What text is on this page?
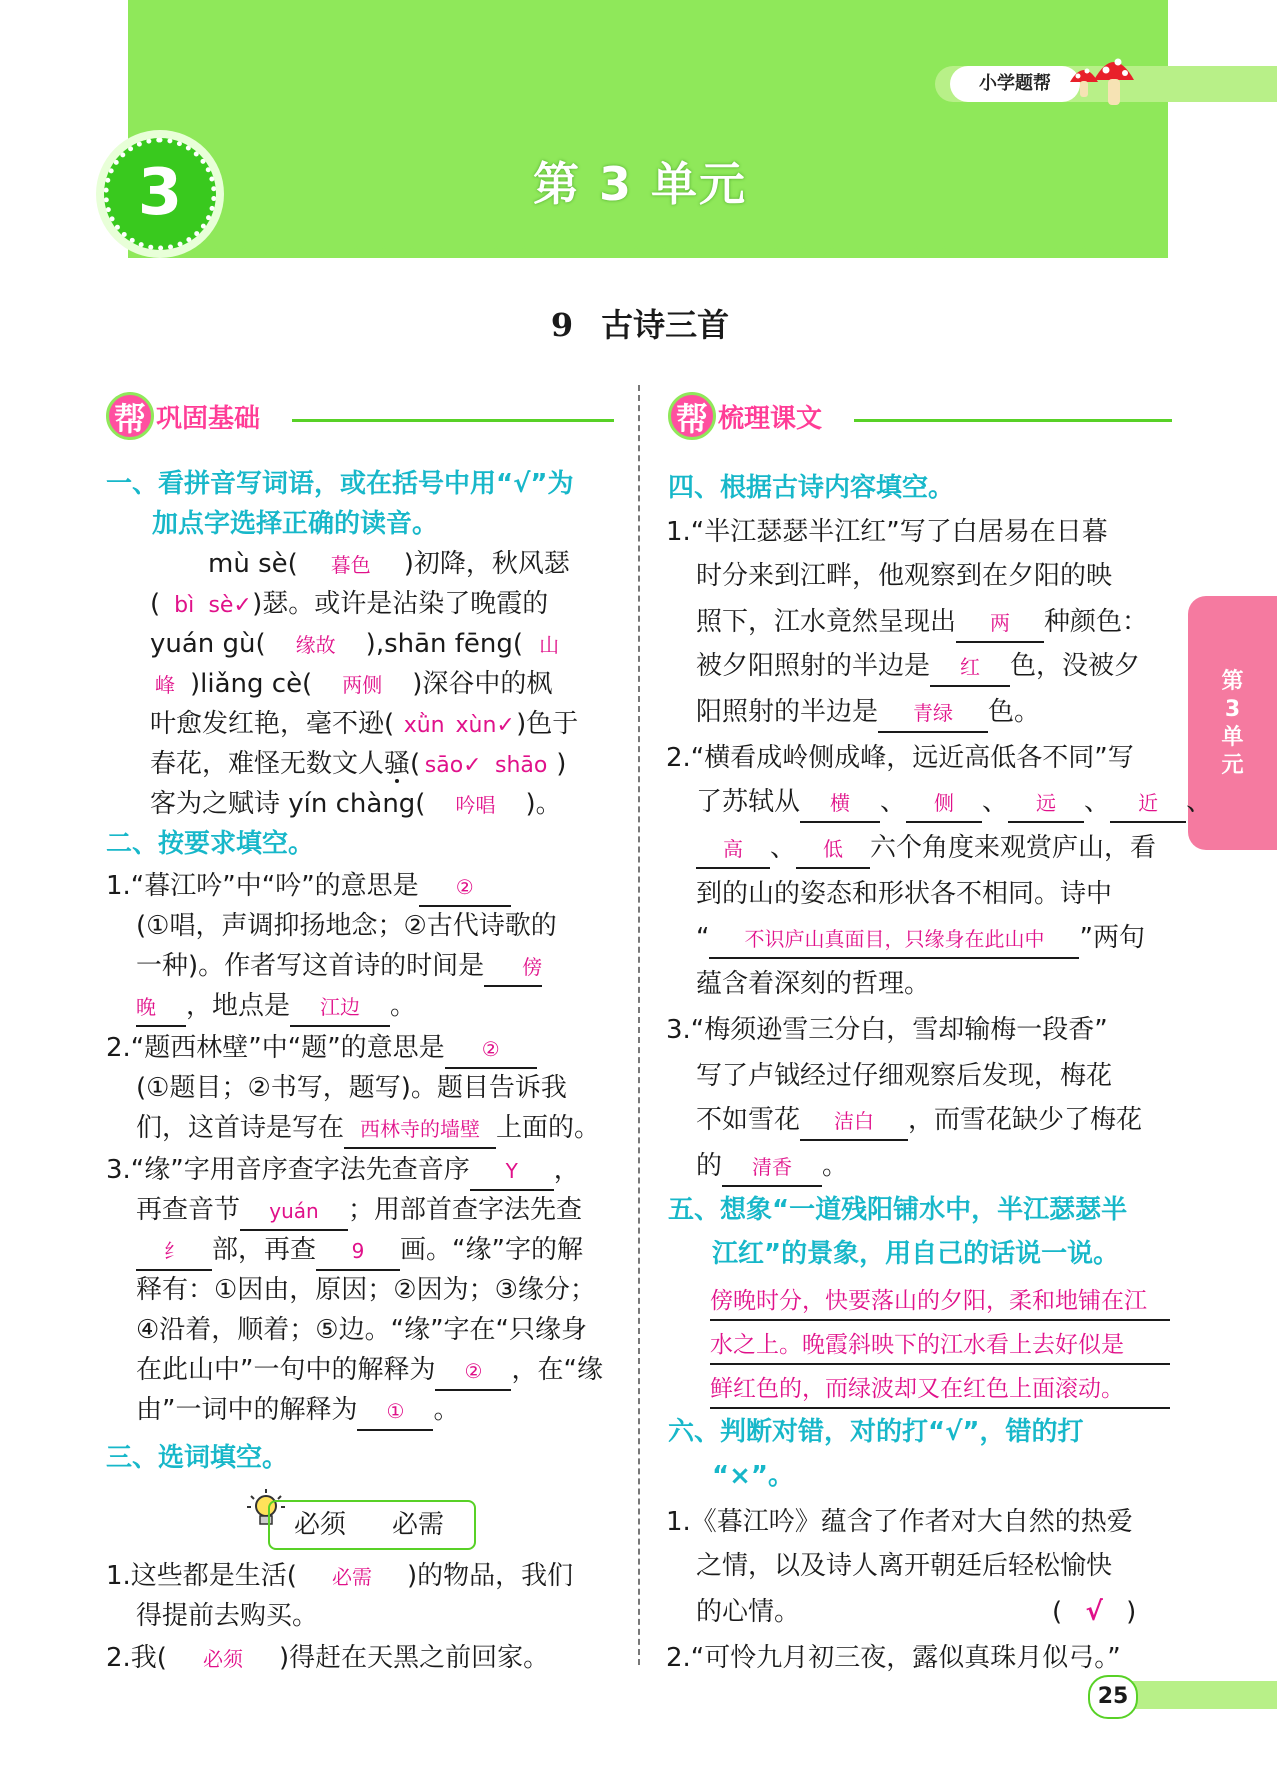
小学题帮
3	第 3 单元
9 古诗三首
第
3
单
元
帮 巩固基础
一、看拼音写词语，或在括号中用“√”为
加点字选择正确的读音。
mù sè( 暮色 )初降，秋风瑟
( bì sè✓)瑟。或许是沾染了晚霞的
yuán gù( 缘故 ),shān fēng( 山
峰 )liǎng cè( 两侧 )深谷中的枫
叶愈发红艳，毫不逊( xǜn xùn✓)色于
春花，难怪无数文人骚( sāo✓ shāo )
客为之赋诗 yín chàng( 吟唱 )。
二、按要求填空。
1.“暮江吟”中“吟”的意思是 ②
(①唱，声调抑扬地念；②古代诗歌的
一种)。作者写这首诗的时间是 傍
晚 ，地点是 江边 。
2.“题西林壁”中“题”的意思是 ②
(①题目；②书写，题写)。题目告诉我
们，这首诗是写在 西林寺的墙壁 上面的。
3.“缘”字用音序查字法先查音序 Y ，
再查音节 yuán ；用部首查字法先查
纟 部，再查 9 画。“缘”字的解
释有：①因由，原因；②因为；③缘分；
④沿着，顺着；⑤边。“缘”字在“只缘身
在此山中”一句中的解释为 ② ，在“缘
由”一词中的解释为 ① 。
三、选词填空。
必须 必需
1.这些都是生活( 必需 )的物品，我们
得提前去购买。
2.我( 必须 )得赶在天黑之前回家。
帮 梳理课文
四、根据古诗内容填空。
1.“半江瑟瑟半江红”写了白居易在日暮
时分来到江畔，他观察到在夕阳的映
照下，江水竟然呈现出 两 种颜色：
被夕阳照射的半边是 红 色，没被夕
阳照射的半边是 青绿 色。
2.“横看成岭侧成峰，远近高低各不同”写
了苏轼从 横 、 侧 、 远 、 近 、
高 、 低 六个角度来观赏庐山，看
到的山的姿态和形状各不相同。诗中
“ 不识庐山真面目，只缘身在此山中 ”两句
蕴含着深刻的哲理。
3.“梅须逊雪三分白，雪却输梅一段香”
写了卢钺经过仔细观察后发现，梅花
不如雪花 洁白 ，而雪花缺少了梅花
的 清香 。
五、想象“一道残阳铺水中，半江瑟瑟半
江红”的景象，用自己的话说一说。
傍晚时分，快要落山的夕阳，柔和地铺在江
水之上。晚霞斜映下的江水看上去好似是
鲜红色的，而绿波却又在红色上面滚动。
六、判断对错，对的打“√”，错的打
“×”。
1.《暮江吟》蕴含了作者对大自然的热爱
之情，以及诗人离开朝廷后轻松愉快
的心情。	( √ )
2.“可怜九月初三夜，露似真珠月似弓。”
25
